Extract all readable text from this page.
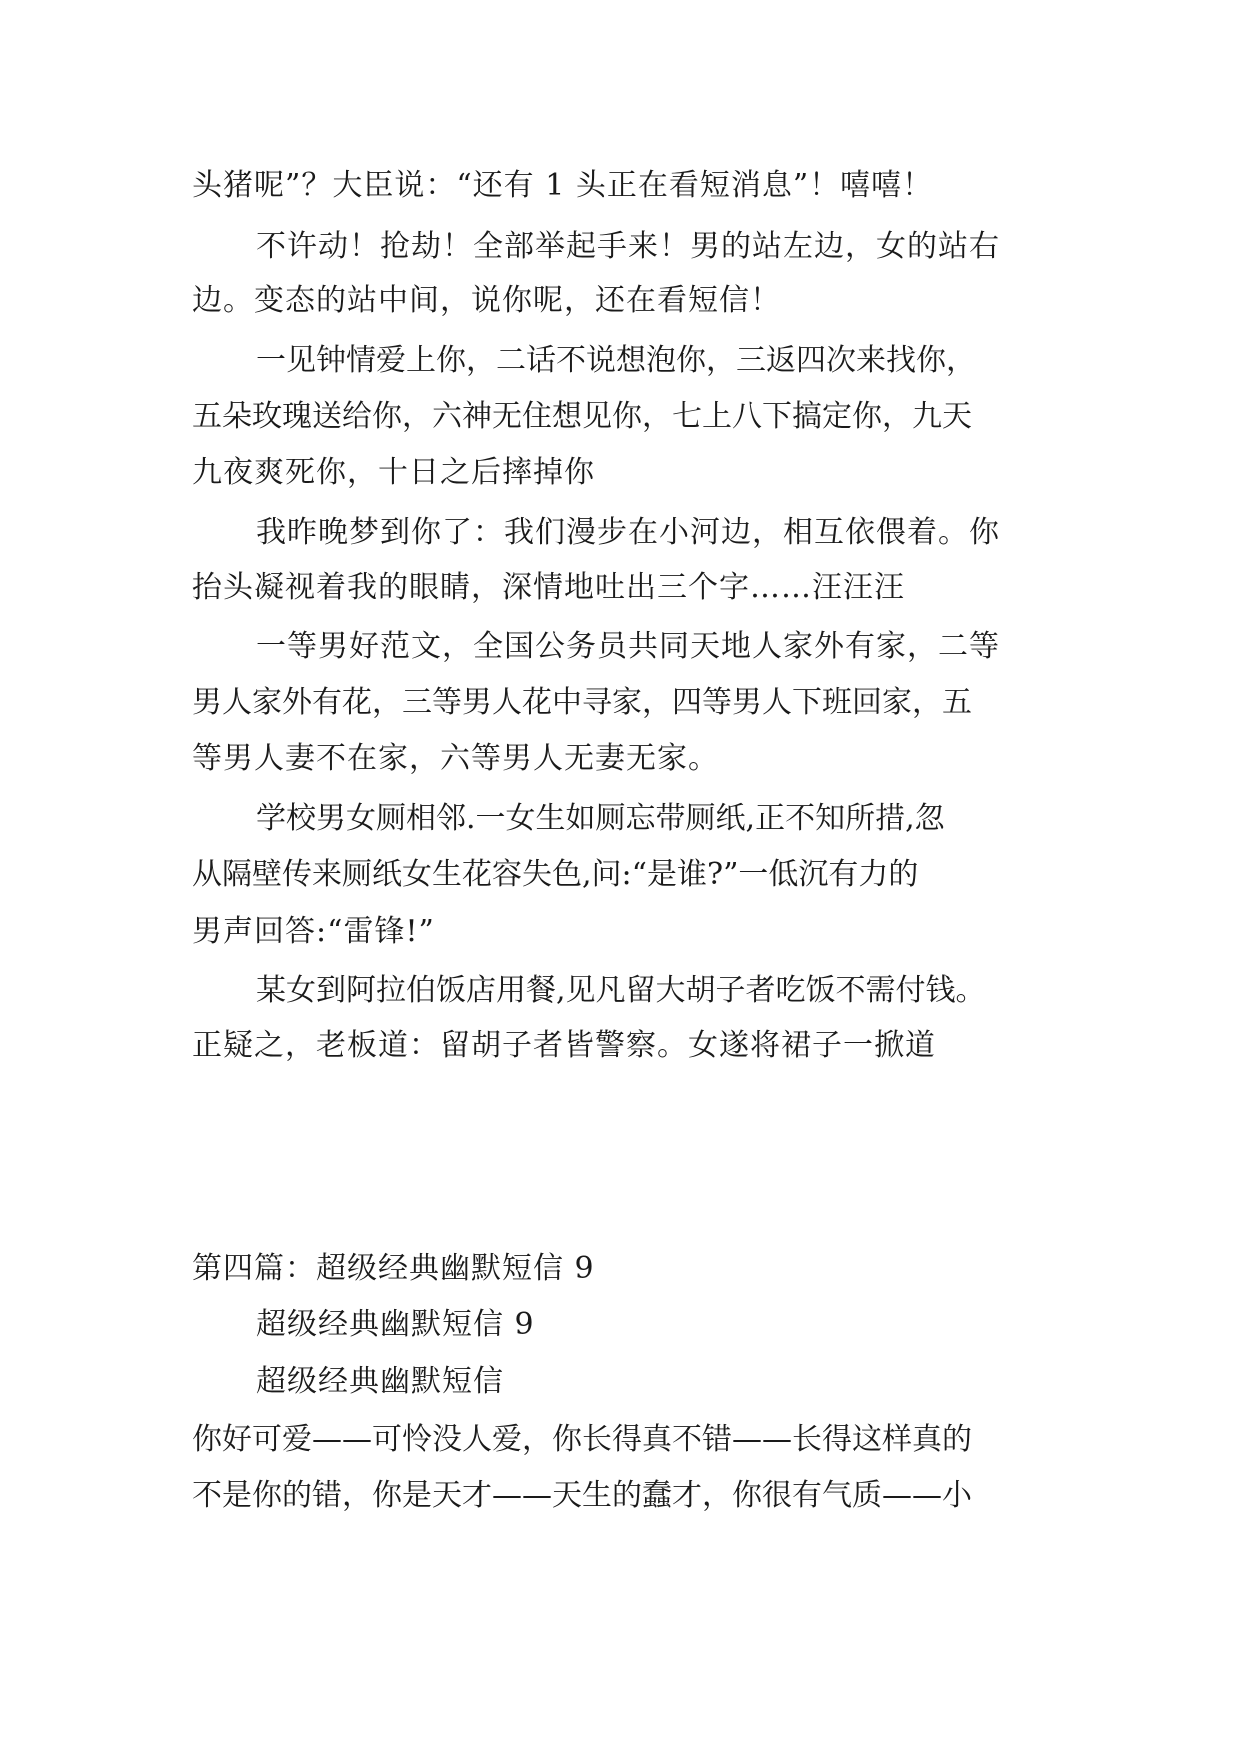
头猪呢”？大臣说：“还有 1 头正在看短消息”！嘻嘻！
不许动！抢劫！全部举起手来！男的站左边，女的站右
边。变态的站中间，说你呢，还在看短信！
一见钟情爱上你，二话不说想泡你，三返四次来找你，
五朵玫瑰送给你，六神无住想见你，七上八下搞定你，九天
九夜爽死你，十日之后摔掉你
我昨晚梦到你了：我们漫步在小河边，相互依偎着。你
抬头凝视着我的眼睛，深情地吐出三个字……汪汪汪
一等男好范文，全国公务员共同天地人家外有家，二等
男人家外有花，三等男人花中寻家，四等男人下班回家，五
等男人妻不在家，六等男人无妻无家。
学校男女厕相邻.一女生如厕忘带厕纸,正不知所措,忽
从隔壁传来厕纸女生花容失色,问:“是谁?”一低沉有力的
男声回答:“雷锋!”
某女到阿拉伯饭店用餐,见凡留大胡子者吃饭不需付钱。
正疑之，老板道：留胡子者皆警察。女遂将裙子一掀道
第四篇：超级经典幽默短信 9
超级经典幽默短信 9
超级经典幽默短信
你好可爱——可怜没人爱，你长得真不错——长得这样真的
不是你的错，你是天才——天生的蠢才，你很有气质——小
